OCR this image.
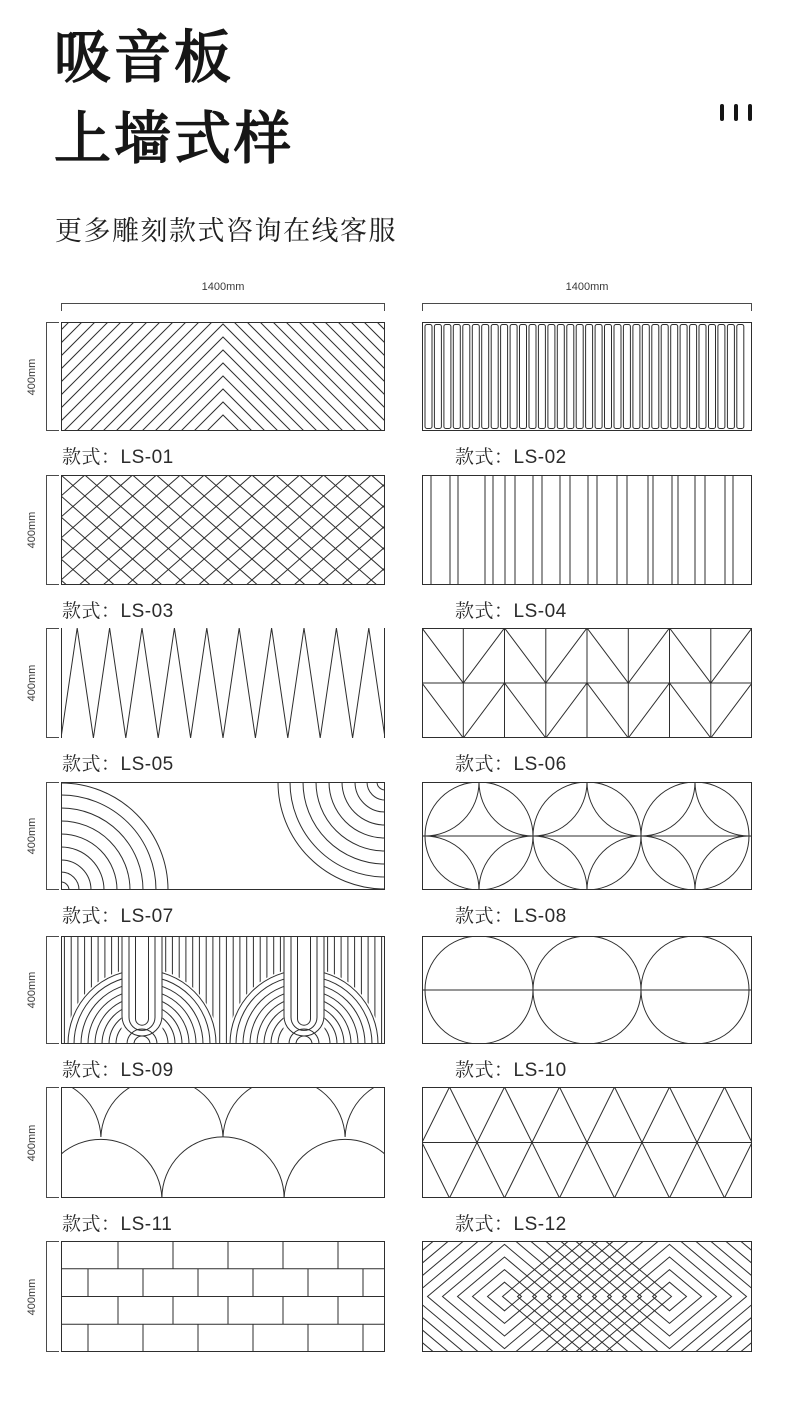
吸音板
上墙式样
更多雕刻款式咨询在线客服
1400mm
400mm
款式：LS-01
1400mm
款式：LS-02
400mm
款式：LS-03	款式：LS-04
400mm
款式：LS-05	款式：LS-06
400mm
款式：LS-07	款式：LS-08
400mm
款式：LS-09	款式：LS-10
400mm
款式：LS-11	款式：LS-12
400mm
